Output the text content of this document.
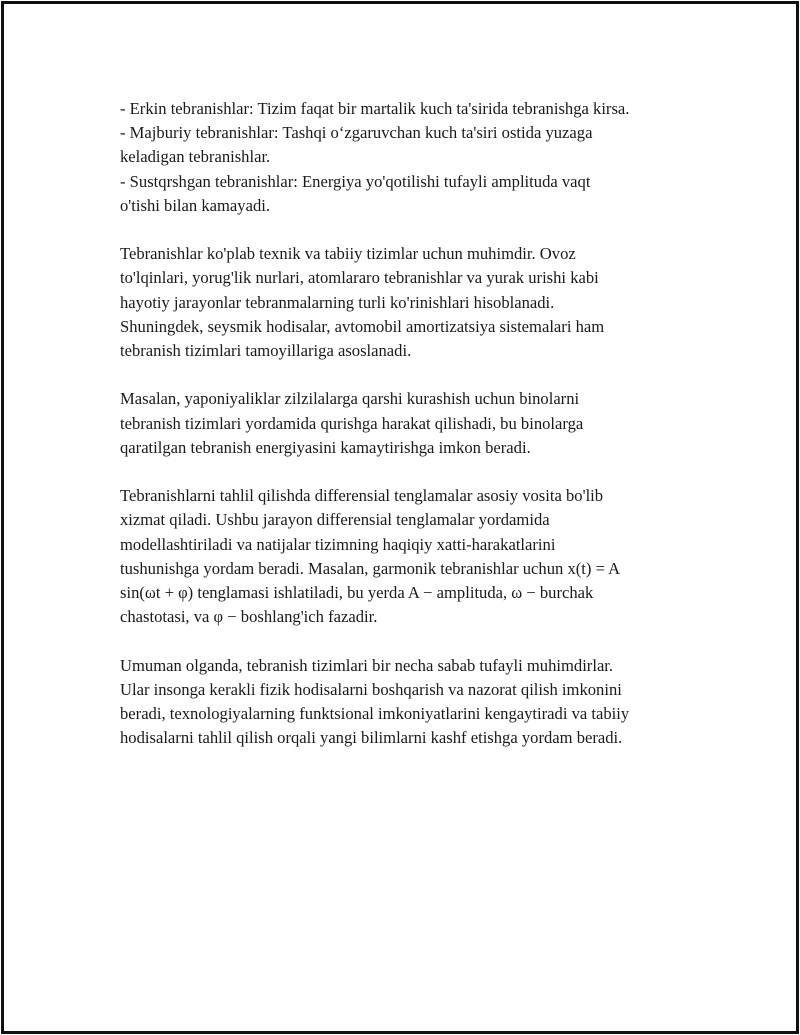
- Erkin tebranishlar: Tizim faqat bir martalik kuch ta'sirida tebranishga kirsa.
- Majburiy tebranishlar: Tashqi o‘zgaruvchan kuch ta'siri ostida yuzaga
keladigan tebranishlar.
- Sustqrshgan tebranishlar: Energiya yo'qotilishi tufayli amplituda vaqt
o'tishi bilan kamayadi.

Tebranishlar ko'plab texnik va tabiiy tizimlar uchun muhimdir. Ovoz
to'lqinlari, yorug'lik nurlari, atomlararo tebranishlar va yurak urishi kabi
hayotiy jarayonlar tebranmalarning turli ko'rinishlari hisoblanadi.
Shuningdek, seysmik hodisalar, avtomobil amortizatsiya sistemalari ham
tebranish tizimlari tamoyillariga asoslanadi.

Masalan, yaponiyaliklar zilzilalarga qarshi kurashish uchun binolarni
tebranish tizimlari yordamida qurishga harakat qilishadi, bu binolarga
qaratilgan tebranish energiyasini kamaytirishga imkon beradi.

Tebranishlarni tahlil qilishda differensial tenglamalar asosiy vosita bo'lib
xizmat qiladi. Ushbu jarayon differensial tenglamalar yordamida
modellashtiriladi va natijalar tizimning haqiqiy xatti-harakatlarini
tushunishga yordam beradi. Masalan, garmonik tebranishlar uchun x(t) = A
sin(ωt + φ) tenglamasi ishlatiladi, bu yerda A − amplituda, ω − burchak
chastotasi, va φ − boshlang'ich fazadir.

Umuman olganda, tebranish tizimlari bir necha sabab tufayli muhimdirlar.
Ular insonga kerakli fizik hodisalarni boshqarish va nazorat qilish imkonini
beradi, texnologiyalarning funktsional imkoniyatlarini kengaytiradi va tabiiy
hodisalarni tahlil qilish orqali yangi bilimlarni kashf etishga yordam beradi.
